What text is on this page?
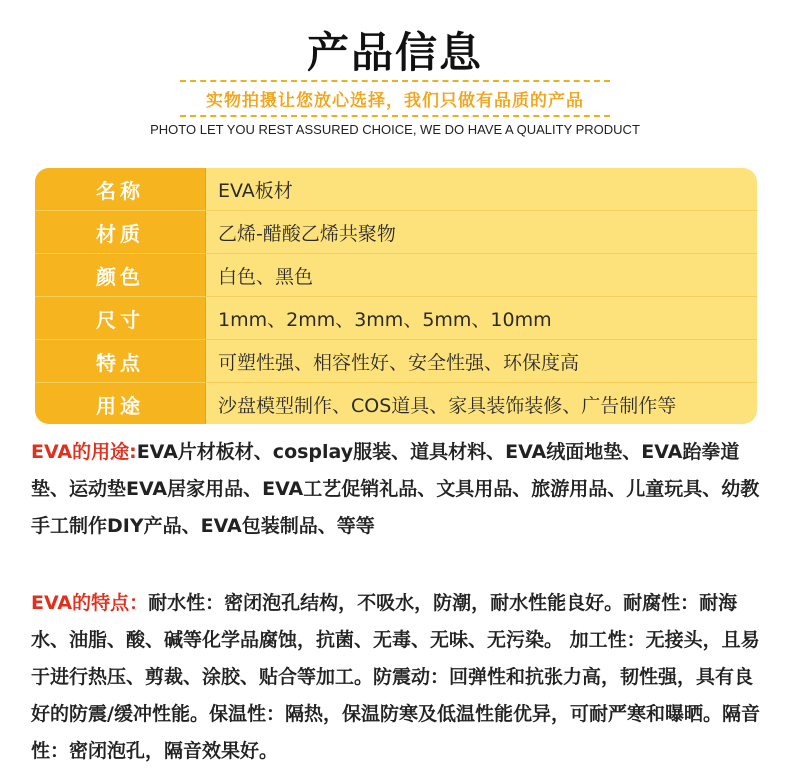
产品信息
实物拍摄让您放心选择，我们只做有品质的产品
PHOTO LET YOU REST ASSURED CHOICE, WE DO HAVE A QUALITY PRODUCT
名称	EVA板材
材质	乙烯-醋酸乙烯共聚物
颜色	白色、黑色
尺寸	1mm、2mm、3mm、5mm、10mm
特点	可塑性强、相容性好、安全性强、环保度高
用途	沙盘模型制作、COS道具、家具装饰装修、广告制作等
EVA的用途:EVA片材板材、cosplay服装、道具材料、EVA绒面地垫、EVA跆拳道垫、运动垫EVA居家用品、EVA工艺促销礼品、文具用品、旅游用品、儿童玩具、幼教手工制作DIY产品、EVA包装制品、等等
EVA的特点：耐水性：密闭泡孔结构，不吸水，防潮，耐水性能良好。耐腐性：耐海水、油脂、酸、碱等化学品腐蚀，抗菌、无毒、无味、无污染。 加工性：无接头，且易于进行热压、剪裁、涂胶、贴合等加工。防震动：回弹性和抗张力高，韧性强，具有良好的防震/缓冲性能。保温性：隔热，保温防寒及低温性能优异，可耐严寒和曝晒。隔音性：密闭泡孔，隔音效果好。
